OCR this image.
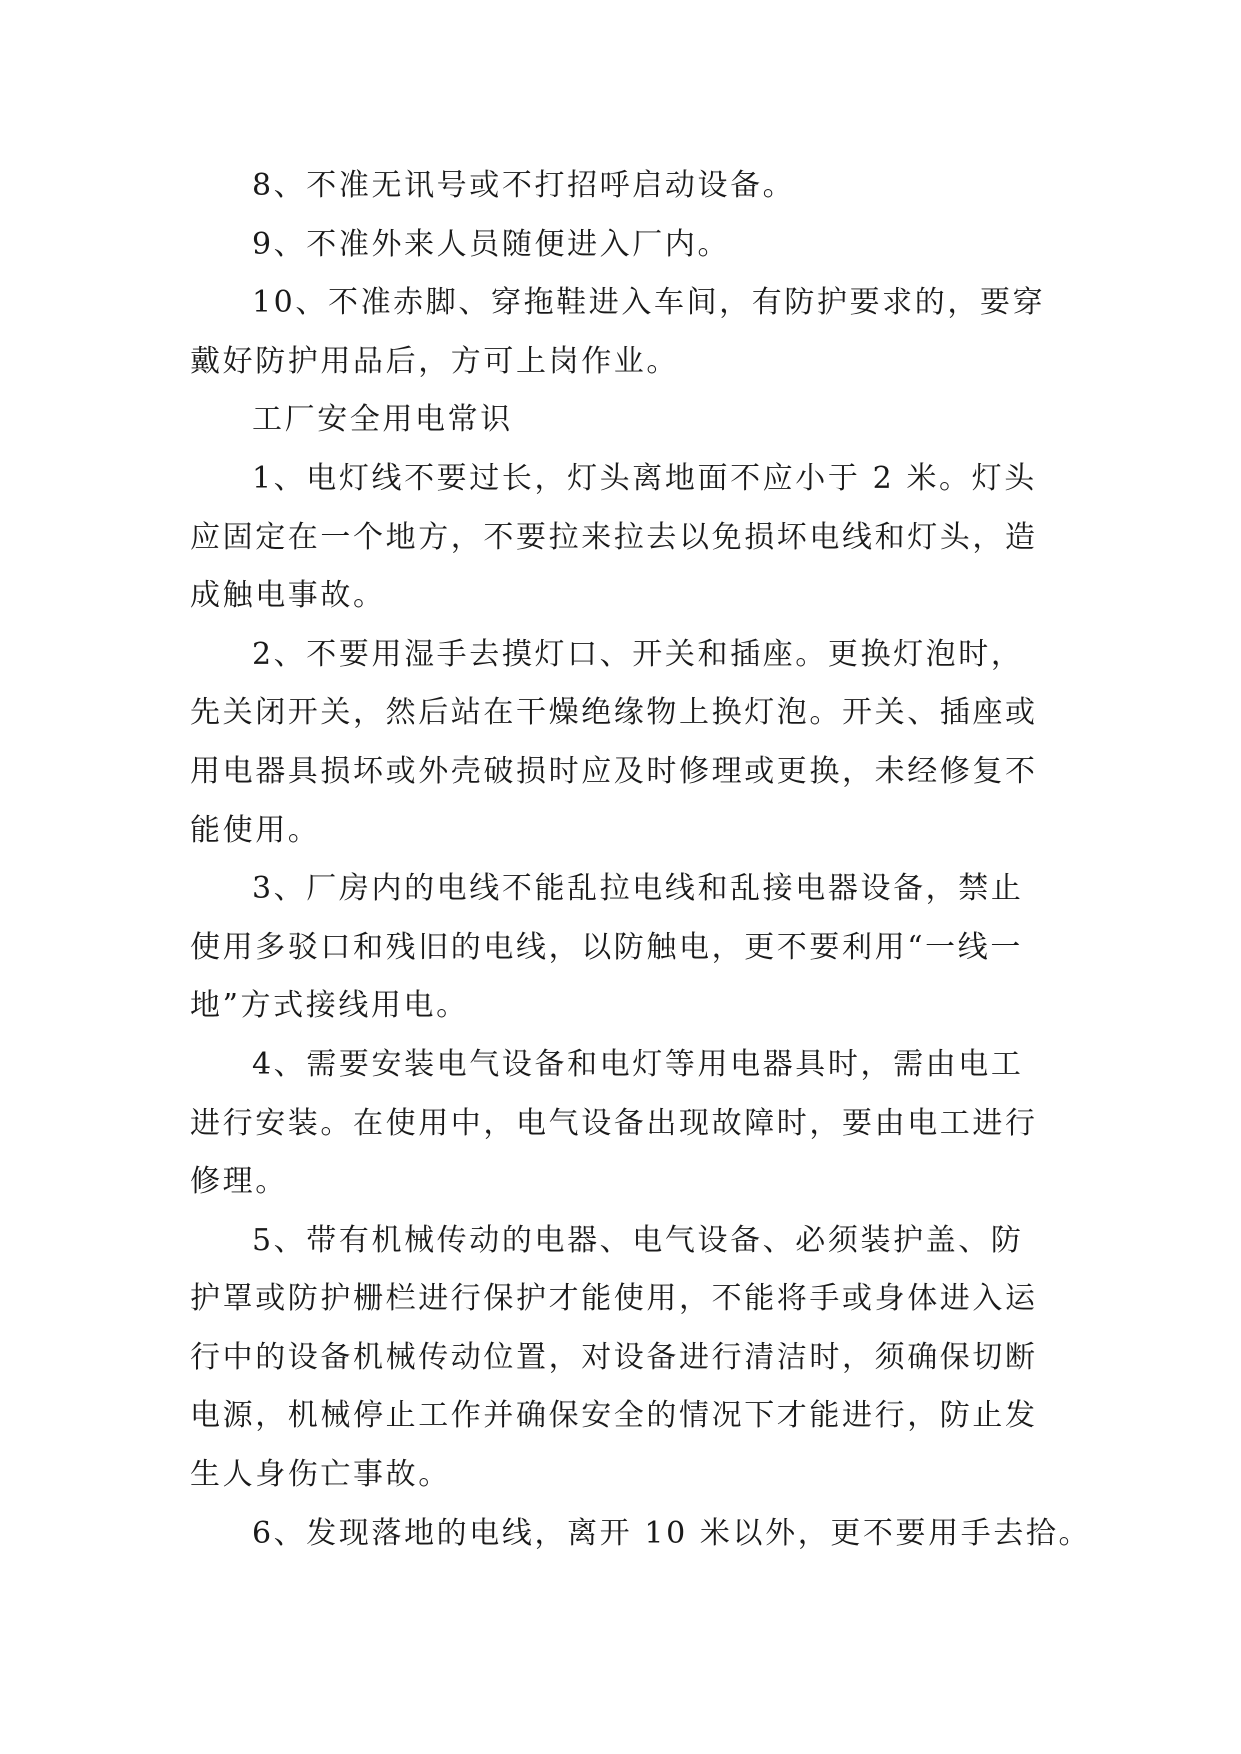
8、不准无讯号或不打招呼启动设备。
9、不准外来人员随便进入厂内。
10、不准赤脚、穿拖鞋进入车间，有防护要求的，要穿
戴好防护用品后，方可上岗作业。
工厂安全用电常识
1、电灯线不要过长，灯头离地面不应小于 2 米。灯头
应固定在一个地方，不要拉来拉去以免损坏电线和灯头，造
成触电事故。
2、不要用湿手去摸灯口、开关和插座。更换灯泡时，
先关闭开关，然后站在干燥绝缘物上换灯泡。开关、插座或
用电器具损坏或外壳破损时应及时修理或更换，未经修复不
能使用。
3、厂房内的电线不能乱拉电线和乱接电器设备，禁止
使用多驳口和残旧的电线，以防触电，更不要利用“一线一
地”方式接线用电。
4、需要安装电气设备和电灯等用电器具时，需由电工
进行安装。在使用中，电气设备出现故障时，要由电工进行
修理。
5、带有机械传动的电器、电气设备、必须装护盖、防
护罩或防护栅栏进行保护才能使用，不能将手或身体进入运
行中的设备机械传动位置，对设备进行清洁时，须确保切断
电源，机械停止工作并确保安全的情况下才能进行，防止发
生人身伤亡事故。
6、发现落地的电线，离开 10 米以外，更不要用手去拾。
